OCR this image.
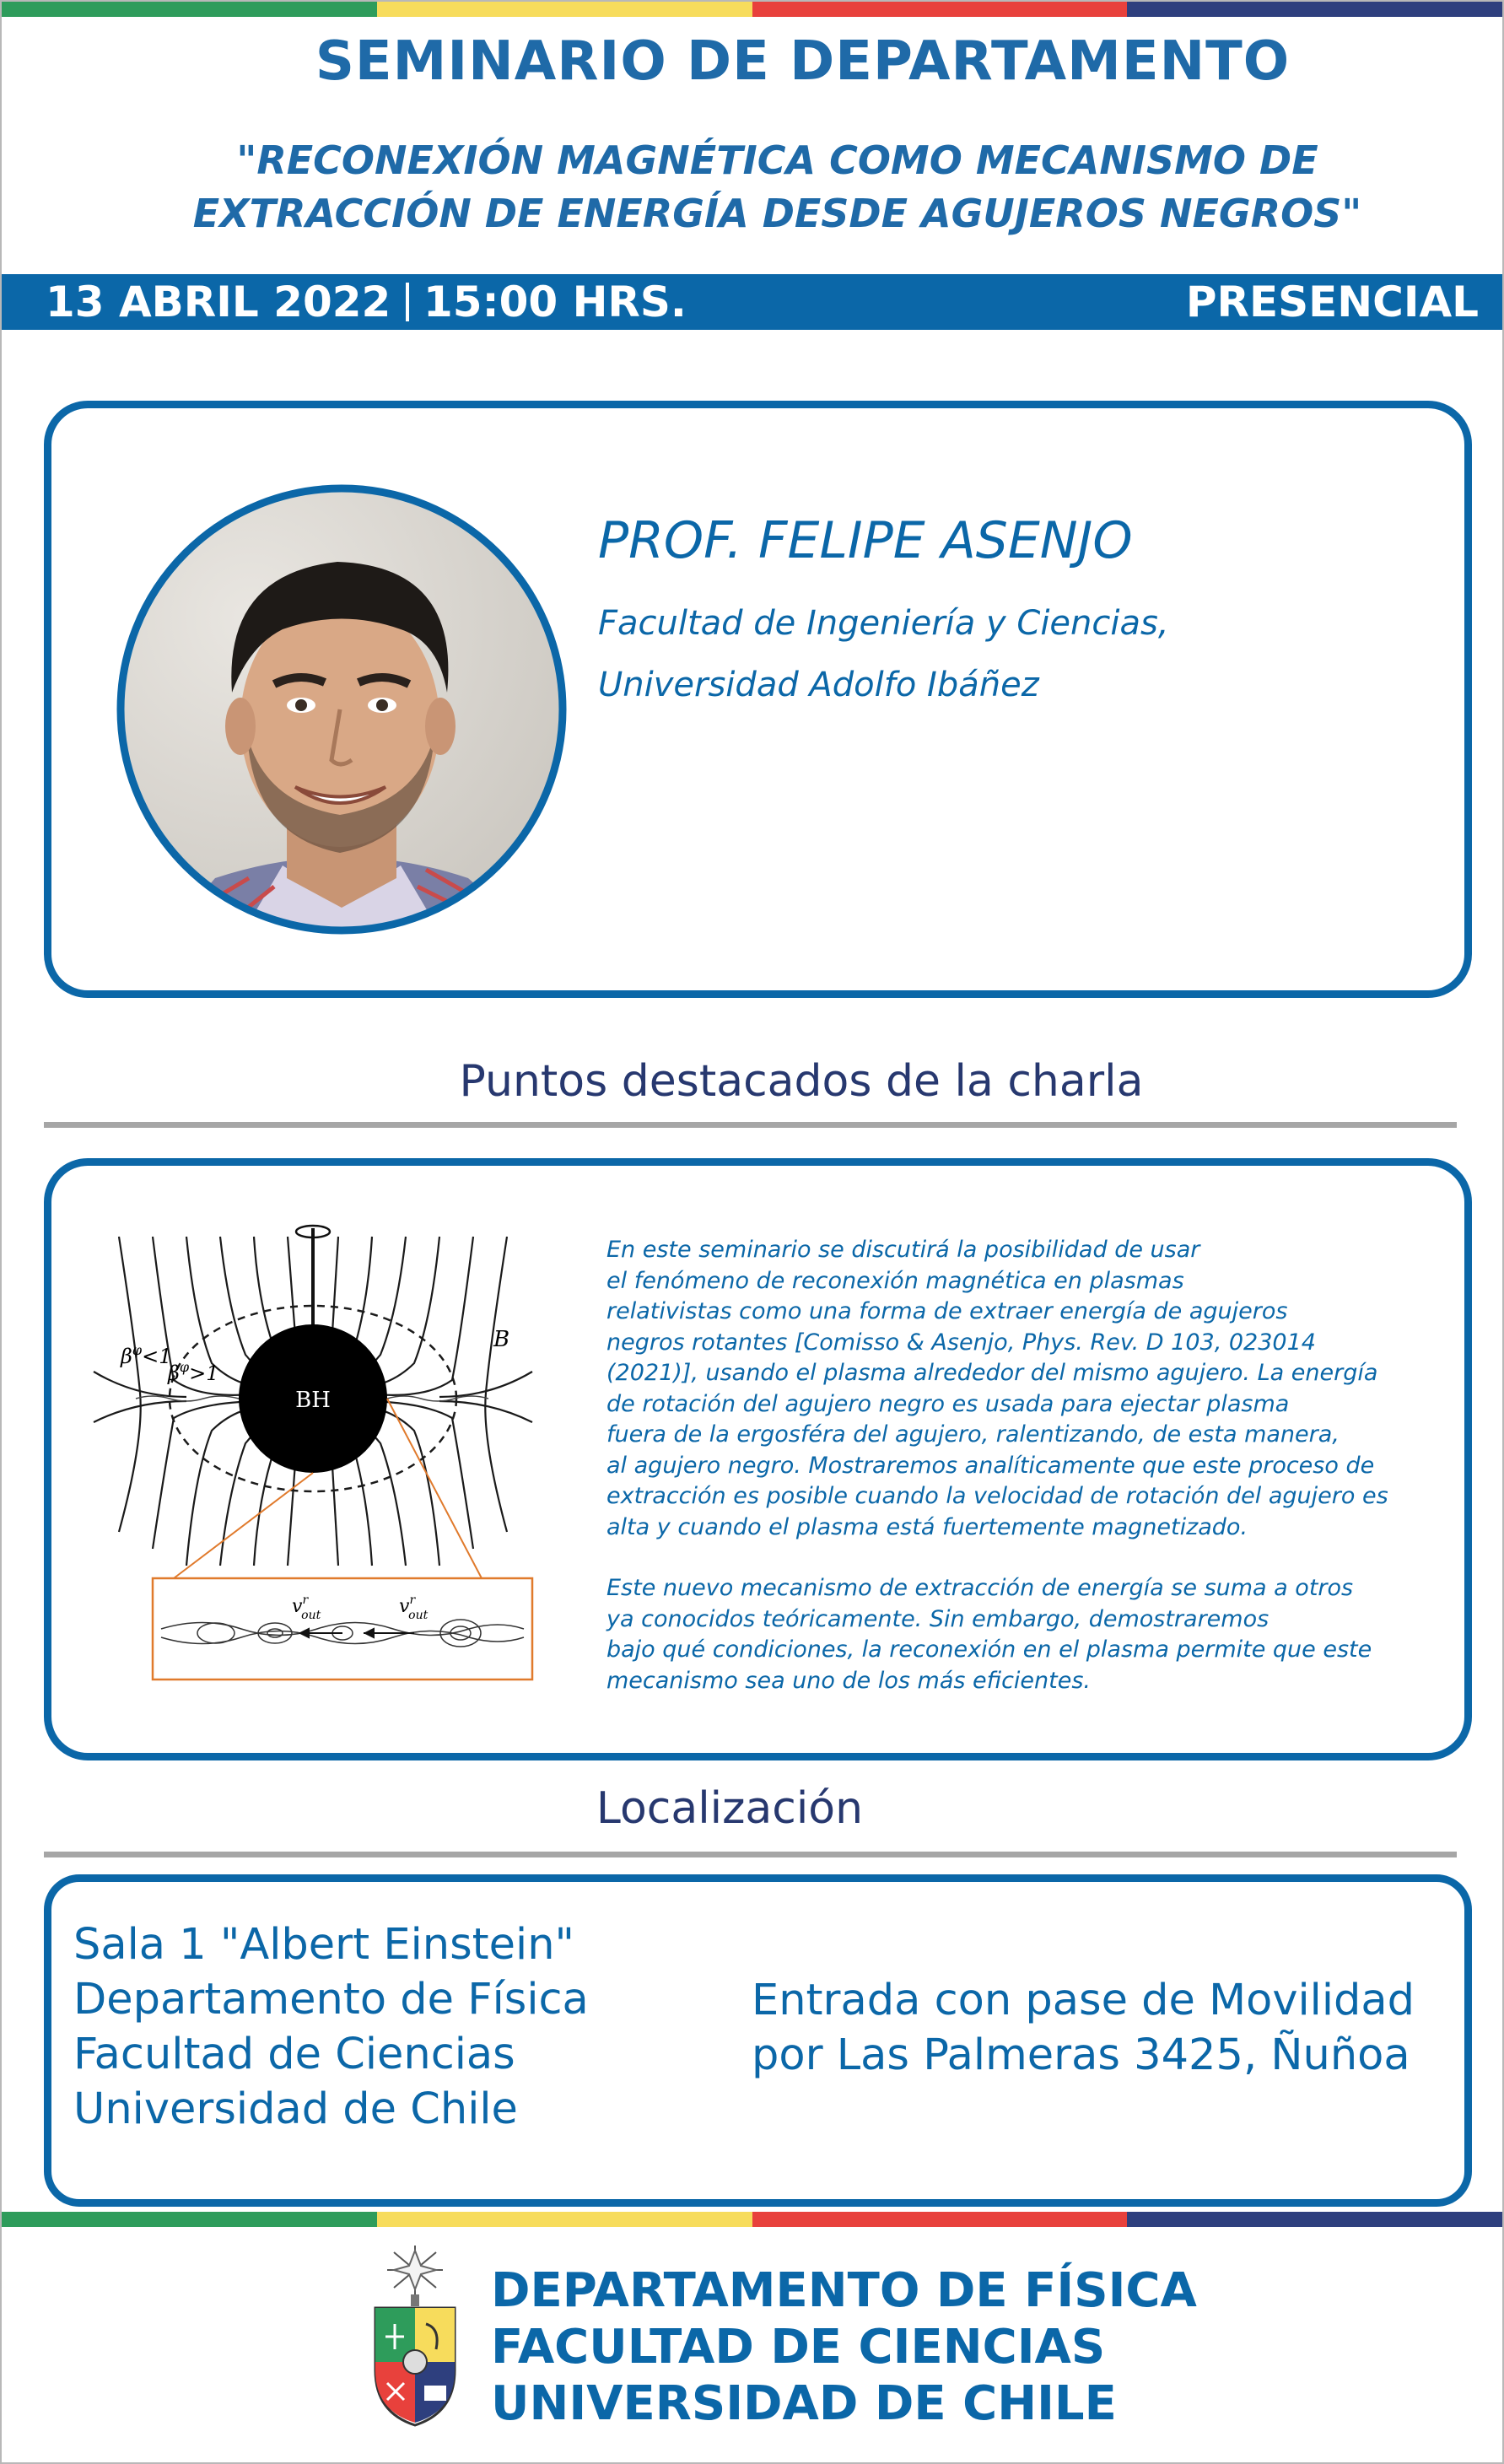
SEMINARIO DE DEPARTAMENTO
"RECONEXIÓN MAGNÉTICA COMO MECANISMO DE
EXTRACCIÓN DE ENERGÍA DESDE AGUJEROS NEGROS"
13 ABRIL 2022 15:00 HRS.	PRESENCIAL
PROF. FELIPE ASENJO
Facultad de Ingeniería y Ciencias,
Universidad Adolfo Ibáñez
Puntos destacados de la charla
BH
B
$\beta^\varphi<1$
$\beta^\varphi>1$
$v^r$ out	$v^r$ out

En este seminario se discutirá la posibilidad de usar
el fenómeno de reconexión magnética en plasmas
relativistas como una forma de extraer energía de agujeros
negros rotantes [Comisso & Asenjo, Phys. Rev. D 103, 023014
(2021)], usando el plasma alrededor del mismo agujero. La energía
de rotación del agujero negro es usada para ejectar plasma
fuera de la ergosféra del agujero, ralentizando, de esta manera,
al agujero negro. Mostraremos analíticamente que este proceso de
extracción es posible cuando la velocidad de rotación del agujero es
alta y cuando el plasma está fuertemente magnetizado.

Este nuevo mecanismo de extracción de energía se suma a otros
ya conocidos teóricamente. Sin embargo, demostraremos
bajo qué condiciones, la reconexión en el plasma permite que este
mecanismo sea uno de los más eficientes.

Localización
Sala 1 "Albert Einstein"
Departamento de Física
Facultad de Ciencias
Universidad de Chile
Entrada con pase de Movilidad
por Las Palmeras 3425, Ñuñoa
DEPARTAMENTO DE FÍSICA
FACULTAD DE CIENCIAS
UNIVERSIDAD DE CHILE
